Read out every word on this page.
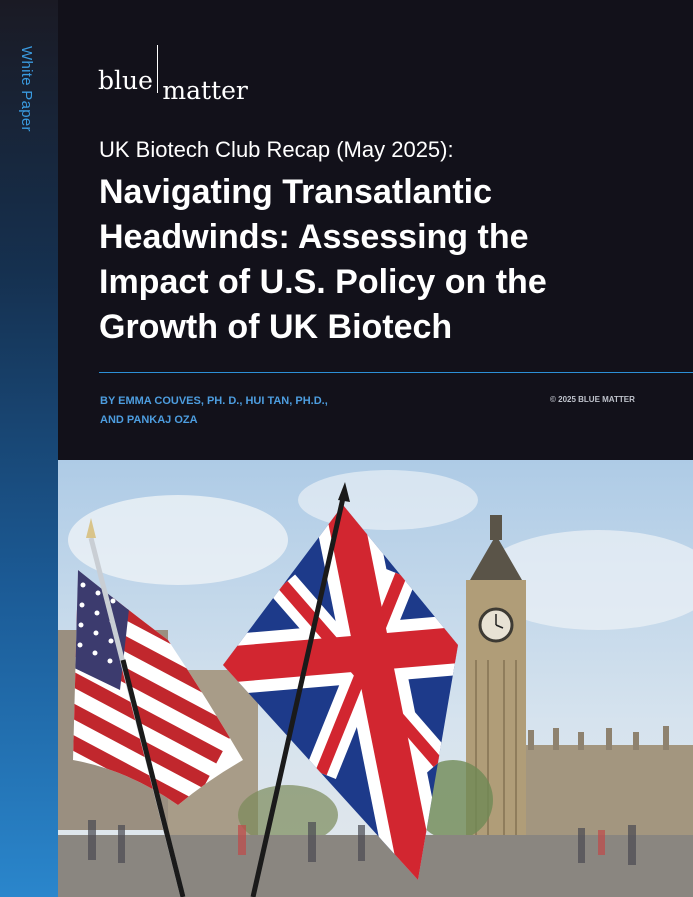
White Paper	blue matter
UK Biotech Club Recap (May 2025):
Navigating Transatlantic
Headwinds: Assessing the
Impact of U.S. Policy on the
Growth of UK Biotech
BY EMMA COUVES, PH. D., HUI TAN, PH.D.,
AND PANKAJ OZA
© 2025 BLUE MATTER
